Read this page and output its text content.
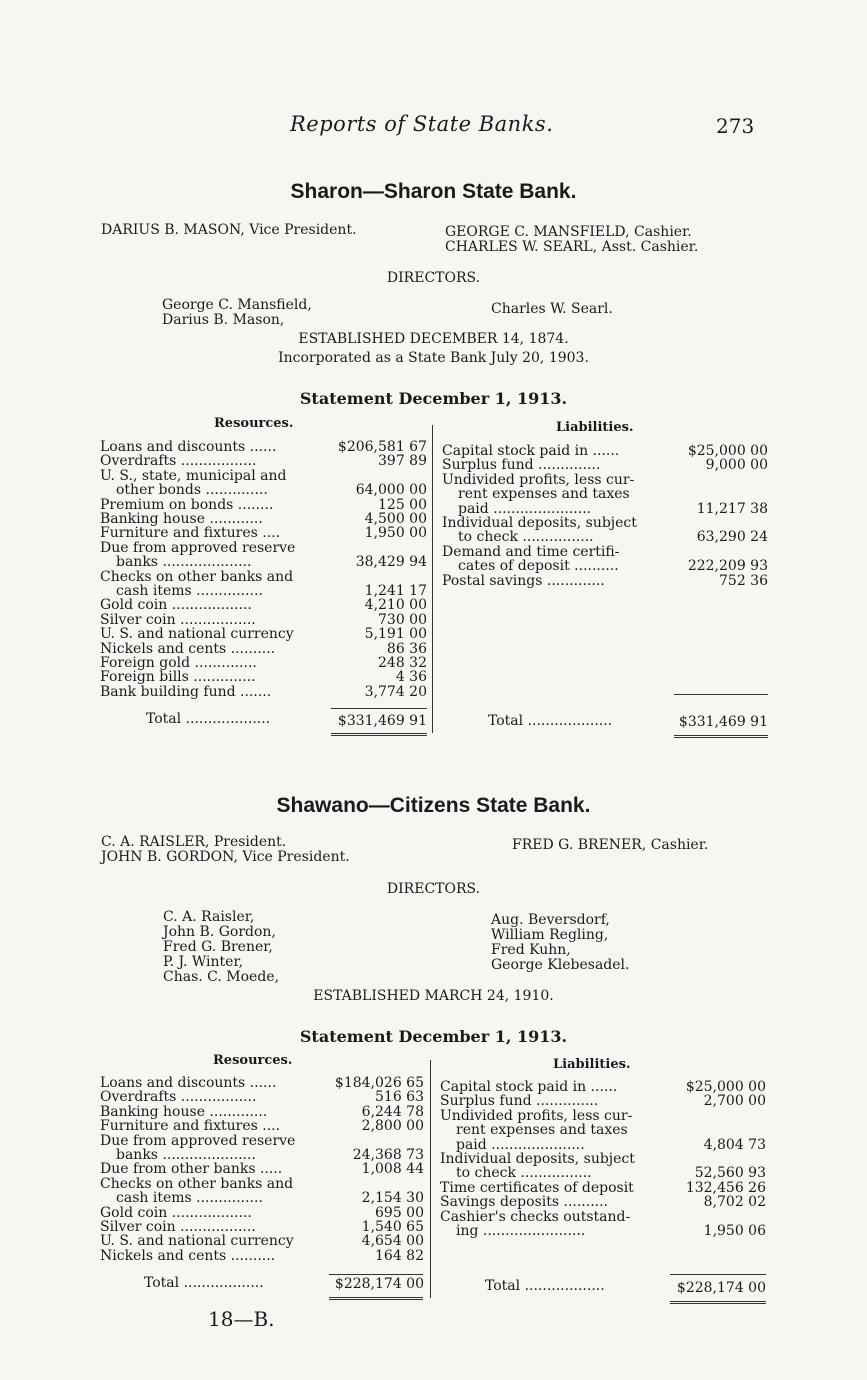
Reports of State Banks.	273
Sharon—Sharon State Bank.
DARIUS B. MASON, Vice President.	GEORGE C. MANSFIELD, Cashier.
CHARLES W. SEARL, Asst. Cashier.
DIRECTORS.
George C. Mansfield,
Darius B. Mason,
Charles W. Searl.
ESTABLISHED DECEMBER 14, 1874.
Incorporated as a State Bank July 20, 1903.
Statement December 1, 1913.
Resources.	Liabilities.
Loans and discounts ......	$206,581 67
Overdrafts .................	397 89
U. S., state, municipal and
other bonds ..............	64,000 00
Premium on bonds ........	125 00
Banking house ............	4,500 00
Furniture and fixtures ....	1,950 00
Due from approved reserve
banks ....................	38,429 94
Checks on other banks and
cash items ...............	1,241 17
Gold coin ..................	4,210 00
Silver coin .................	730 00
U. S. and national currency	5,191 00
Nickels and cents ..........	86 36
Foreign gold ..............	248 32
Foreign bills ..............	4 36
Bank building fund .......	3,774 20
Capital stock paid in ......	$25,000 00
Surplus fund ..............	9,000 00
Undivided profits, less cur-
rent expenses and taxes
paid ......................	11,217 38
Individual deposits, subject
to check ................	63,290 24
Demand and time certifi-
cates of deposit ..........	222,209 93
Postal savings .............	752 36
Total ...................	$331,469 91	Total ...................	$331,469 91
Shawano—Citizens State Bank.
C. A. RAISLER, President.
JOHN B. GORDON, Vice President.
FRED G. BRENER, Cashier.
DIRECTORS.
C. A. Raisler,
John B. Gordon,
Fred G. Brener,
P. J. Winter,
Chas. C. Moede,
Aug. Beversdorf,
William Regling,
Fred Kuhn,
George Klebesadel.
ESTABLISHED MARCH 24, 1910.
Statement December 1, 1913.
Resources.	Liabilities.
Loans and discounts ......	$184,026 65
Overdrafts .................	516 63
Banking house .............	6,244 78
Furniture and fixtures ....	2,800 00
Due from approved reserve
banks .....................	24,368 73
Due from other banks .....	1,008 44
Checks on other banks and
cash items ...............	2,154 30
Gold coin ..................	695 00
Silver coin .................	1,540 65
U. S. and national currency	4,654 00
Nickels and cents ..........	164 82
Capital stock paid in ......	$25,000 00
Surplus fund ..............	2,700 00
Undivided profits, less cur-
rent expenses and taxes
paid .....................	4,804 73
Individual deposits, subject
to check ................	52,560 93
Time certificates of deposit	132,456 26
Savings deposits ..........	8,702 02
Cashier's checks outstand-
ing .......................	1,950 06
Total ..................	$228,174 00	Total ..................	$228,174 00
18—B.
